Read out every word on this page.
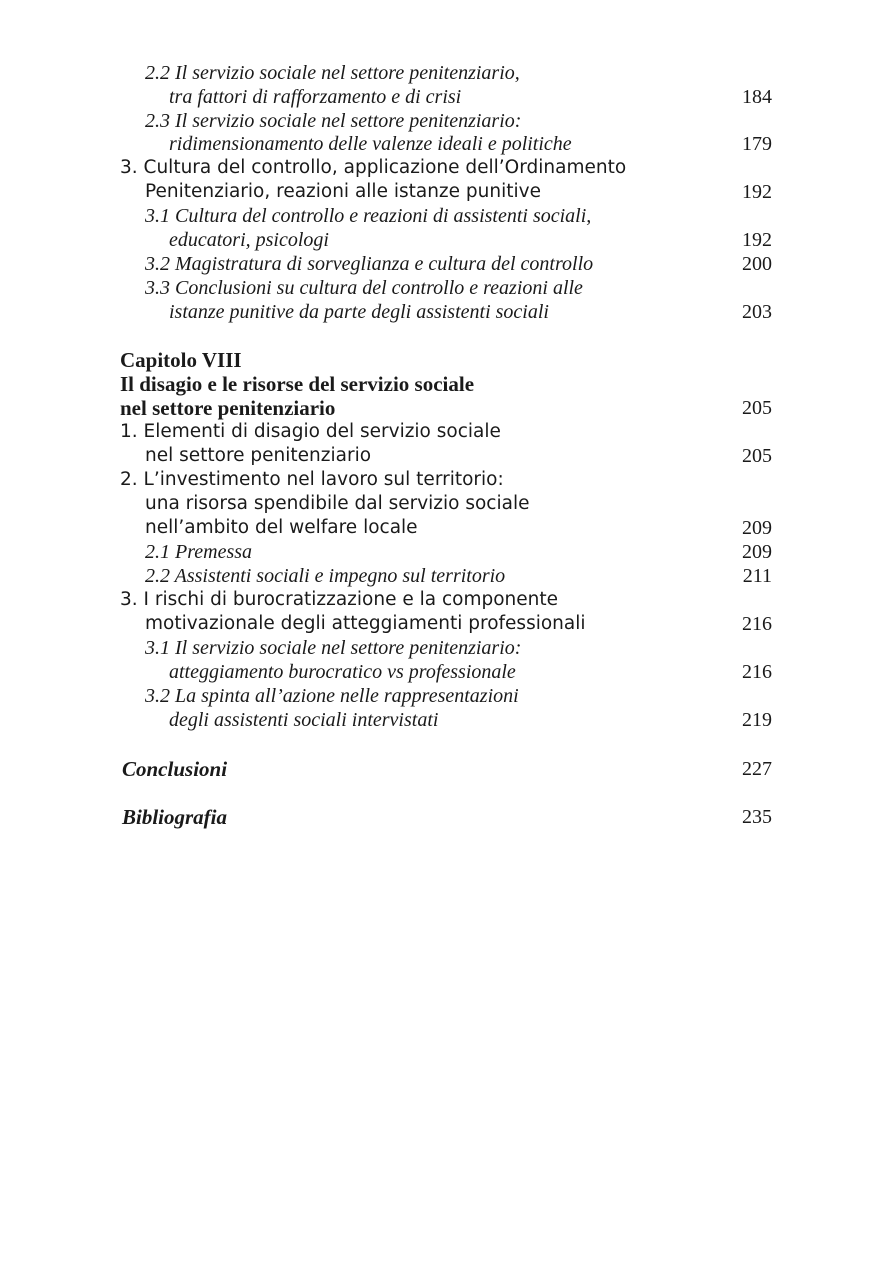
2.2 Il servizio sociale nel settore penitenziario,
tra fattori di rafforzamento e di crisi	184
2.3 Il servizio sociale nel settore penitenziario:
ridimensionamento delle valenze ideali e politiche	179
3. Cultura del controllo, applicazione dell’Ordinamento
Penitenziario, reazioni alle istanze punitive	192
3.1 Cultura del controllo e reazioni di assistenti sociali,
educatori, psicologi	192
3.2 Magistratura di sorveglianza e cultura del controllo	200
3.3 Conclusioni su cultura del controllo e reazioni alle
istanze punitive da parte degli assistenti sociali	203
Capitolo VIII
Il disagio e le risorse del servizio sociale
nel settore penitenziario	205
1. Elementi di disagio del servizio sociale
nel settore penitenziario	205
2. L’investimento nel lavoro sul territorio:
una risorsa spendibile dal servizio sociale
nell’ambito del welfare locale	209
2.1 Premessa	209
2.2 Assistenti sociali e impegno sul territorio	211
3. I rischi di burocratizzazione e la componente
motivazionale degli atteggiamenti professionali	216
3.1 Il servizio sociale nel settore penitenziario:
atteggiamento burocratico vs professionale	216
3.2 La spinta all’azione nelle rappresentazioni
degli assistenti sociali intervistati	219
Conclusioni	227
Bibliografia	235
